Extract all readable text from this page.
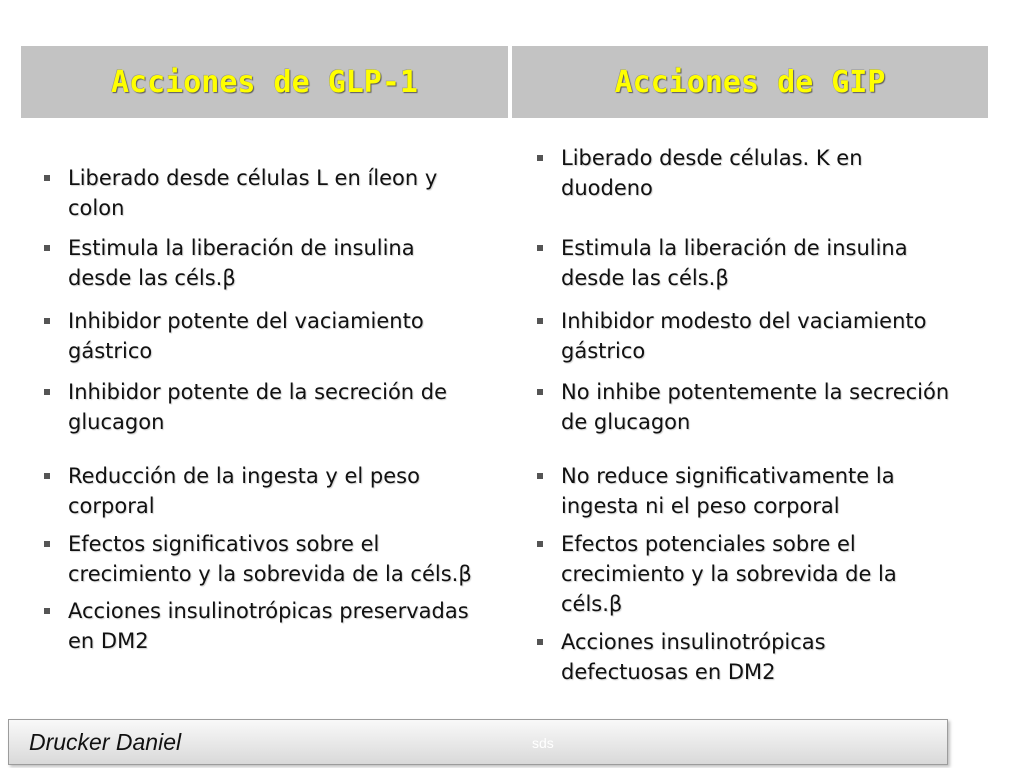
Acciones de GLP-1	Acciones de GIP
Liberado desde células L en íleon y
colon
Estimula la liberación de insulina
desde las céls.β
Inhibidor potente del vaciamiento
gástrico
Inhibidor potente de la secreción de
glucagon
Reducción de la ingesta y el peso
corporal
Efectos significativos sobre el
crecimiento y la sobrevida de la céls.β
Acciones insulinotrópicas preservadas
en DM2
Liberado desde células. K en
duodeno
Estimula la liberación de insulina
desde las céls.β
Inhibidor modesto del vaciamiento
gástrico
No inhibe potentemente la secreción
de glucagon
No reduce significativamente la
ingesta ni el peso corporal
Efectos potenciales sobre el
crecimiento y la sobrevida de la
céls.β
Acciones insulinotrópicas
defectuosas en DM2
Drucker Daniel	sds
